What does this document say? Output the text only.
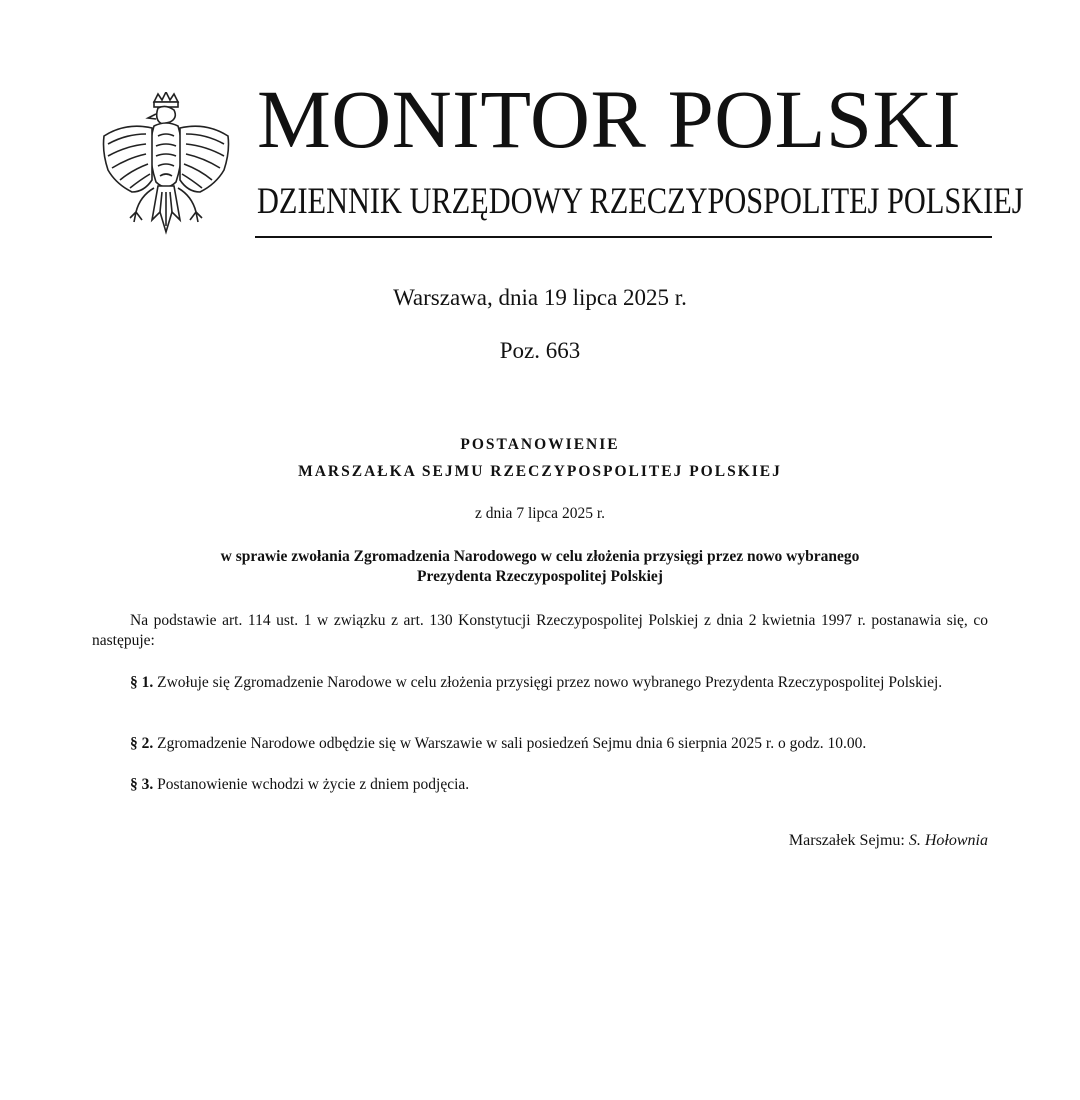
MONITOR POLSKI
DZIENNIK URZĘDOWY RZECZYPOSPOLITEJ POLSKIEJ
Warszawa, dnia 19 lipca 2025 r.
Poz. 663
POSTANOWIENIE
MARSZAŁKA SEJMU RZECZYPOSPOLITEJ POLSKIEJ
z dnia 7 lipca 2025 r.
w sprawie zwołania Zgromadzenia Narodowego w celu złożenia przysięgi przez nowo wybranego
Prezydenta Rzeczypospolitej Polskiej
Na podstawie art. 114 ust. 1 w związku z art. 130 Konstytucji Rzeczypospolitej Polskiej z dnia 2 kwietnia 1997 r. postanawia się, co następuje:
§ 1. Zwołuje się Zgromadzenie Narodowe w celu złożenia przysięgi przez nowo wybranego Prezydenta Rzeczypospolitej Polskiej.
§ 2. Zgromadzenie Narodowe odbędzie się w Warszawie w sali posiedzeń Sejmu dnia 6 sierpnia 2025 r. o godz. 10.00.
§ 3. Postanowienie wchodzi w życie z dniem podjęcia.
Marszałek Sejmu: S. Hołownia
